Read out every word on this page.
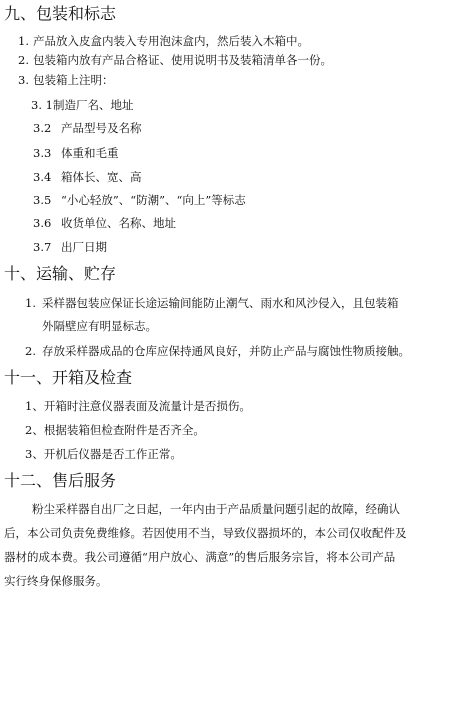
九、包装和标志
1. 产品放入皮盒内装入专用泡沫盒内，然后装入木箱中。
2. 包装箱内放有产品合格证、使用说明书及装箱清单各一份。
3. 包装箱上注明：
3. 1制造厂名、地址
3.2 产品型号及名称
3.3 体重和毛重
3.4 箱体长、宽、高
3.5 “小心轻放”、“防潮”、“向上”等标志
3.6 收货单位、名称、地址
3.7 出厂日期
十、运输、贮存
1. 采样器包装应保证长途运输间能防止潮气、雨水和风沙侵入，且包装箱
外隔壁应有明显标志。
2. 存放采样器成品的仓库应保持通风良好，并防止产品与腐蚀性物质接触。
十一、开箱及检查
1、开箱时注意仪器表面及流量计是否损伤。
2、根据装箱但检查附件是否齐全。
3、开机后仪器是否工作正常。
十二、售后服务
粉尘采样器自出厂之日起，一年内由于产品质量问题引起的故障，经确认
后，本公司负责免费维修。若因使用不当，导致仪器损坏的，本公司仅收配件及
器材的成本费。我公司遵循“用户放心、满意”的售后服务宗旨，将本公司产品
实行终身保修服务。
